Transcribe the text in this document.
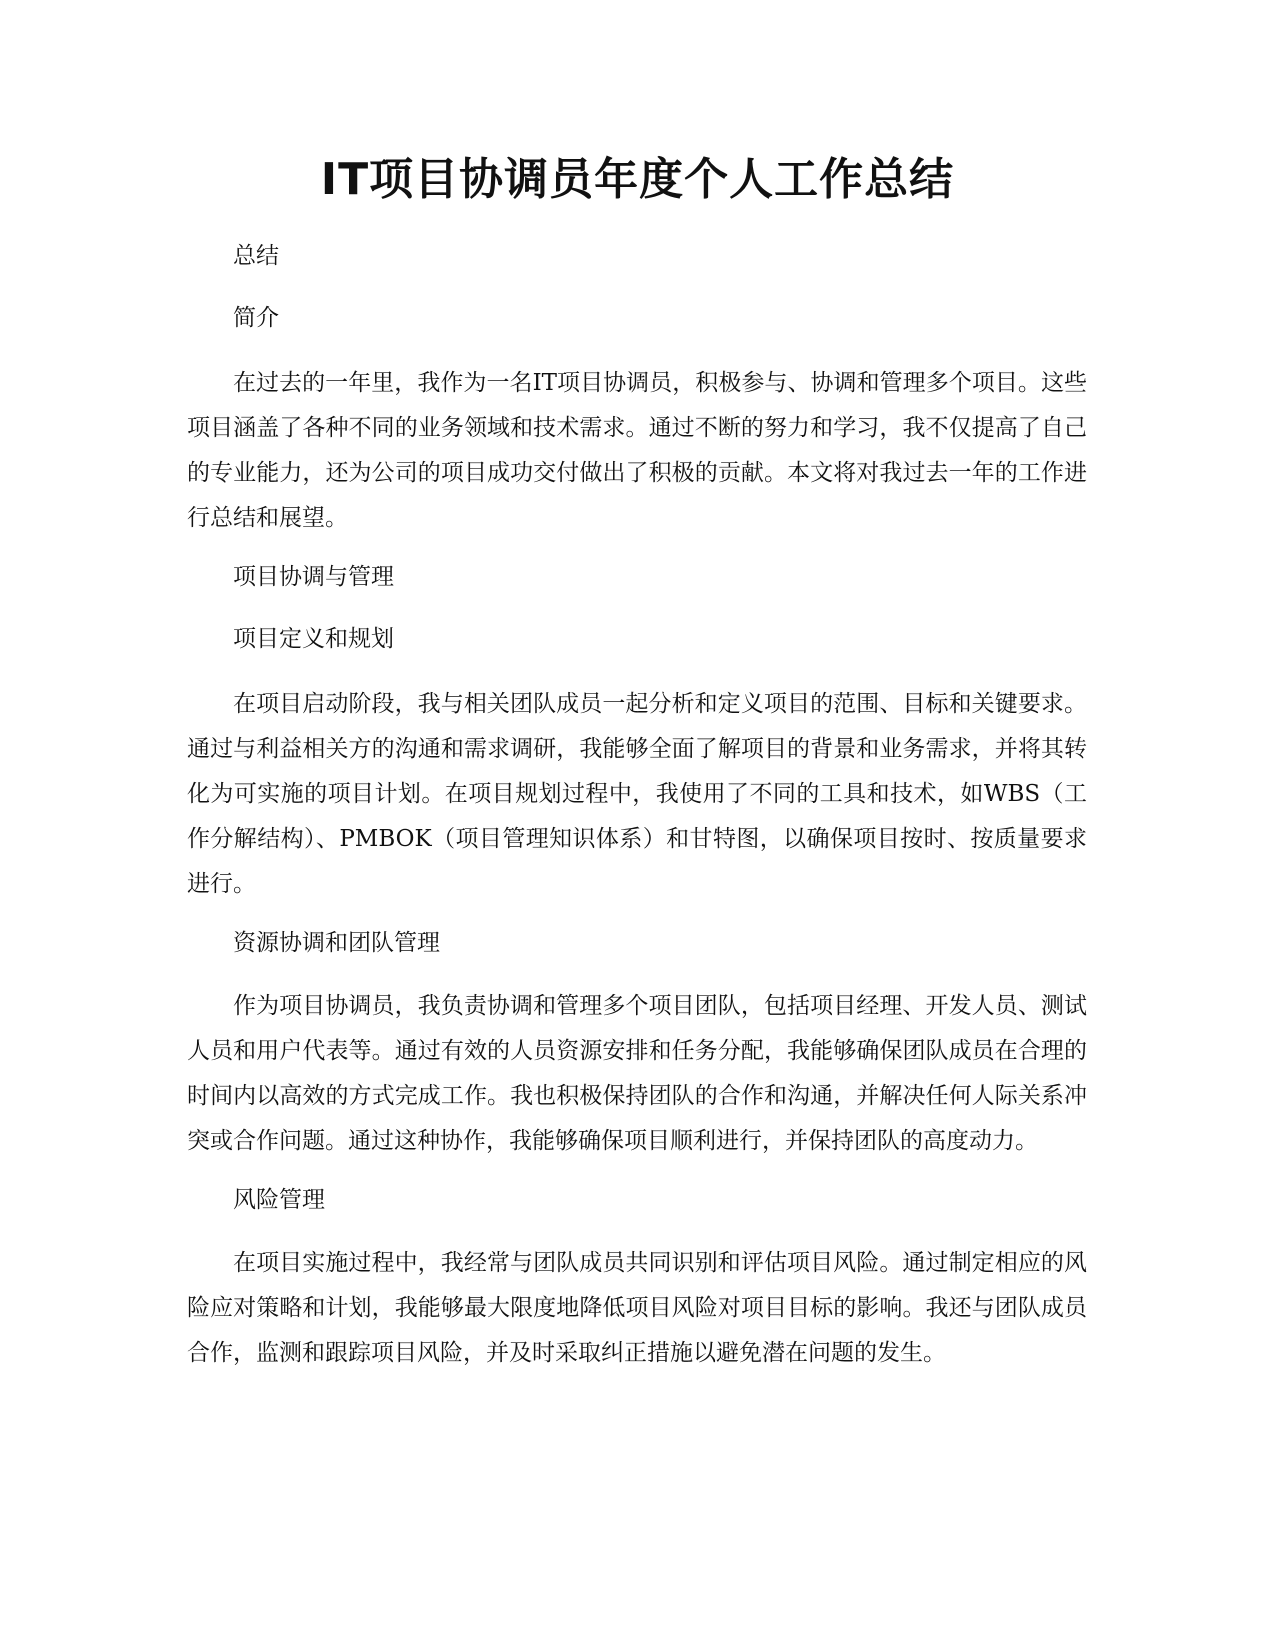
IT项目协调员年度个人工作总结

总结

简介

在过去的一年里，我作为一名IT项目协调员，积极参与、协调和管理多个项目。这些项目涵盖了各种不同的业务领域和技术需求。通过不断的努力和学习，我不仅提高了自己的专业能力，还为公司的项目成功交付做出了积极的贡献。本文将对我过去一年的工作进行总结和展望。

项目协调与管理

项目定义和规划

在项目启动阶段，我与相关团队成员一起分析和定义项目的范围、目标和关键要求。通过与利益相关方的沟通和需求调研，我能够全面了解项目的背景和业务需求，并将其转化为可实施的项目计划。在项目规划过程中，我使用了不同的工具和技术，如WBS（工作分解结构）、PMBOK（项目管理知识体系）和甘特图，以确保项目按时、按质量要求进行。

资源协调和团队管理

作为项目协调员，我负责协调和管理多个项目团队，包括项目经理、开发人员、测试人员和用户代表等。通过有效的人员资源安排和任务分配，我能够确保团队成员在合理的时间内以高效的方式完成工作。我也积极保持团队的合作和沟通，并解决任何人际关系冲突或合作问题。通过这种协作，我能够确保项目顺利进行，并保持团队的高度动力。

风险管理

在项目实施过程中，我经常与团队成员共同识别和评估项目风险。通过制定相应的风险应对策略和计划，我能够最大限度地降低项目风险对项目目标的影响。我还与团队成员合作，监测和跟踪项目风险，并及时采取纠正措施以避免潜在问题的发生。
